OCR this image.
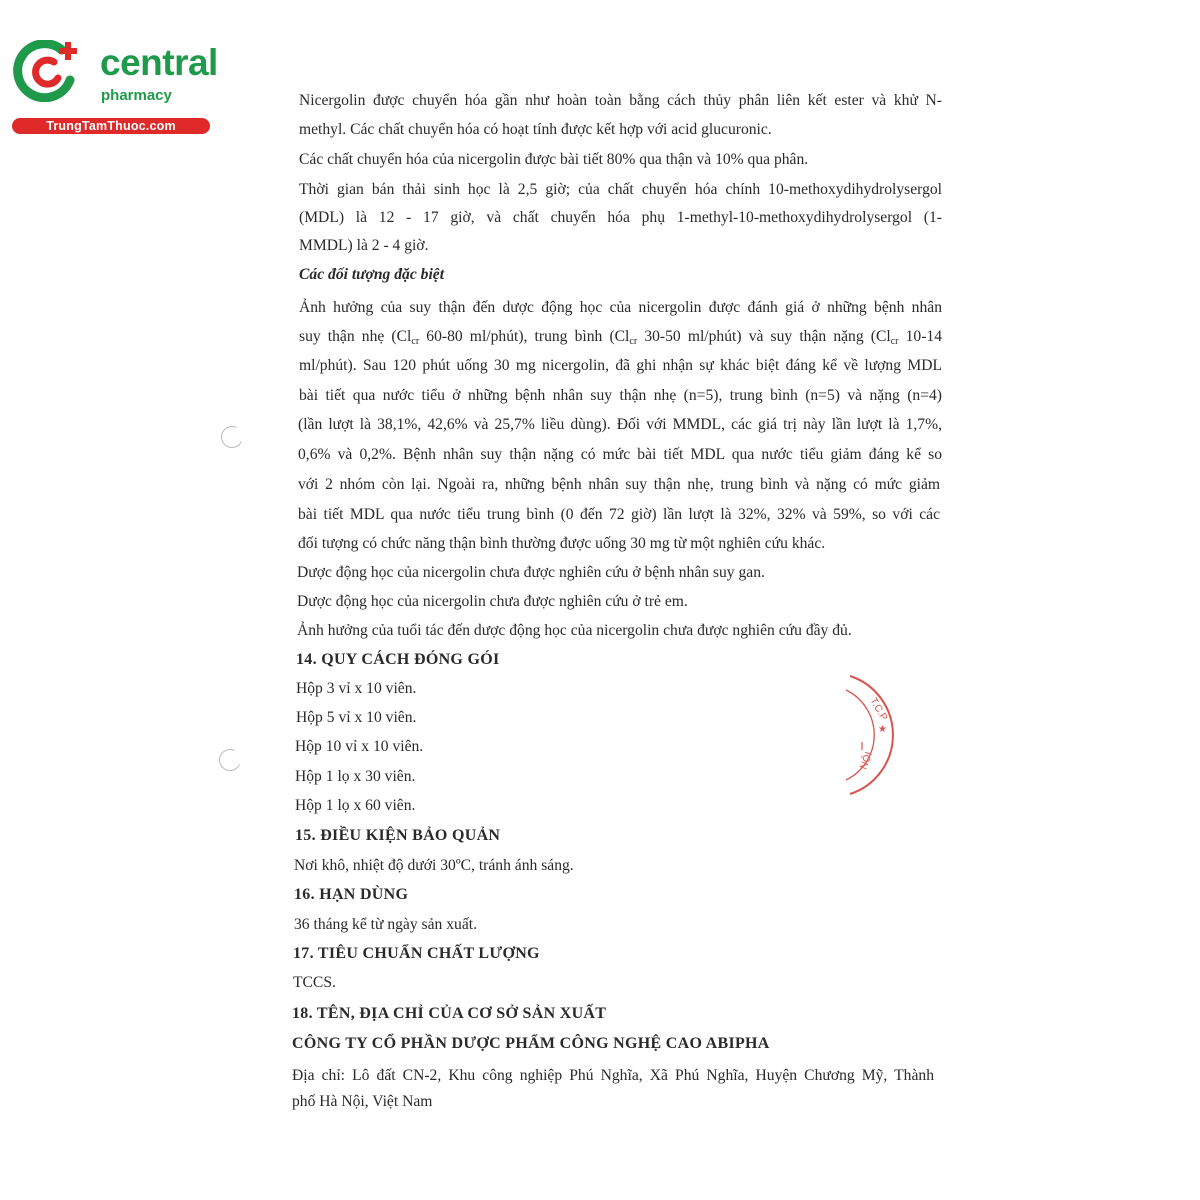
central
pharmacy
TrungTamThuoc.com
T.C.P
★
NỘI
Nicergolin được chuyển hóa gần như hoàn toàn bằng cách thủy phân liên kết ester và khử N-
methyl. Các chất chuyển hóa có hoạt tính được kết hợp với acid glucuronic.
Các chất chuyển hóa của nicergolin được bài tiết 80% qua thận và 10% qua phân.
Thời gian bán thải sinh học là 2,5 giờ; của chất chuyển hóa chính 10-methoxydihydrolysergol
(MDL) là 12 - 17 giờ, và chất chuyển hóa phụ 1-methyl-10-methoxydihydrolysergol (1-
MMDL) là 2 - 4 giờ.
Các đối tượng đặc biệt
Ảnh hưởng của suy thận đến dược động học của nicergolin được đánh giá ở những bệnh nhân
suy thận nhẹ ($Cl_{cr}$ 60-80 ml/phút), trung bình ($Cl_{cr}$ 30-50 ml/phút) và suy thận nặng ($Cl_{cr}$ 10-14
ml/phút). Sau 120 phút uống 30 mg nicergolin, đã ghi nhận sự khác biệt đáng kể về lượng MDL
bài tiết qua nước tiểu ở những bệnh nhân suy thận nhẹ (n=5), trung bình (n=5) và nặng (n=4)
(lần lượt là 38,1%, 42,6% và 25,7% liều dùng). Đối với MMDL, các giá trị này lần lượt là 1,7%,
0,6% và 0,2%. Bệnh nhân suy thận nặng có mức bài tiết MDL qua nước tiểu giảm đáng kể so
với 2 nhóm còn lại. Ngoài ra, những bệnh nhân suy thận nhẹ, trung bình và nặng có mức giảm
bài tiết MDL qua nước tiểu trung bình (0 đến 72 giờ) lần lượt là 32%, 32% và 59%, so với các
đối tượng có chức năng thận bình thường được uống 30 mg từ một nghiên cứu khác.
Dược động học của nicergolin chưa được nghiên cứu ở bệnh nhân suy gan.
Dược động học của nicergolin chưa được nghiên cứu ở trẻ em.
Ảnh hưởng của tuổi tác đến dược động học của nicergolin chưa được nghiên cứu đầy đủ.
14. QUY CÁCH ĐÓNG GÓI
Hộp 3 vỉ x 10 viên.
Hộp 5 vỉ x 10 viên.
Hộp 10 vỉ x 10 viên.
Hộp 1 lọ x 30 viên.
Hộp 1 lọ x 60 viên.
15. ĐIỀU KIỆN BẢO QUẢN
Nơi khô, nhiệt độ dưới 30ºC, tránh ánh sáng.
16. HẠN DÙNG
36 tháng kể từ ngày sản xuất.
17. TIÊU CHUẨN CHẤT LƯỢNG
TCCS.
18. TÊN, ĐỊA CHỈ CỦA CƠ SỞ SẢN XUẤT
CÔNG TY CỔ PHẦN DƯỢC PHẨM CÔNG NGHỆ CAO ABIPHA
Địa chỉ: Lô đất CN-2, Khu công nghiệp Phú Nghĩa, Xã Phú Nghĩa, Huyện Chương Mỹ, Thành
phố Hà Nội, Việt Nam
